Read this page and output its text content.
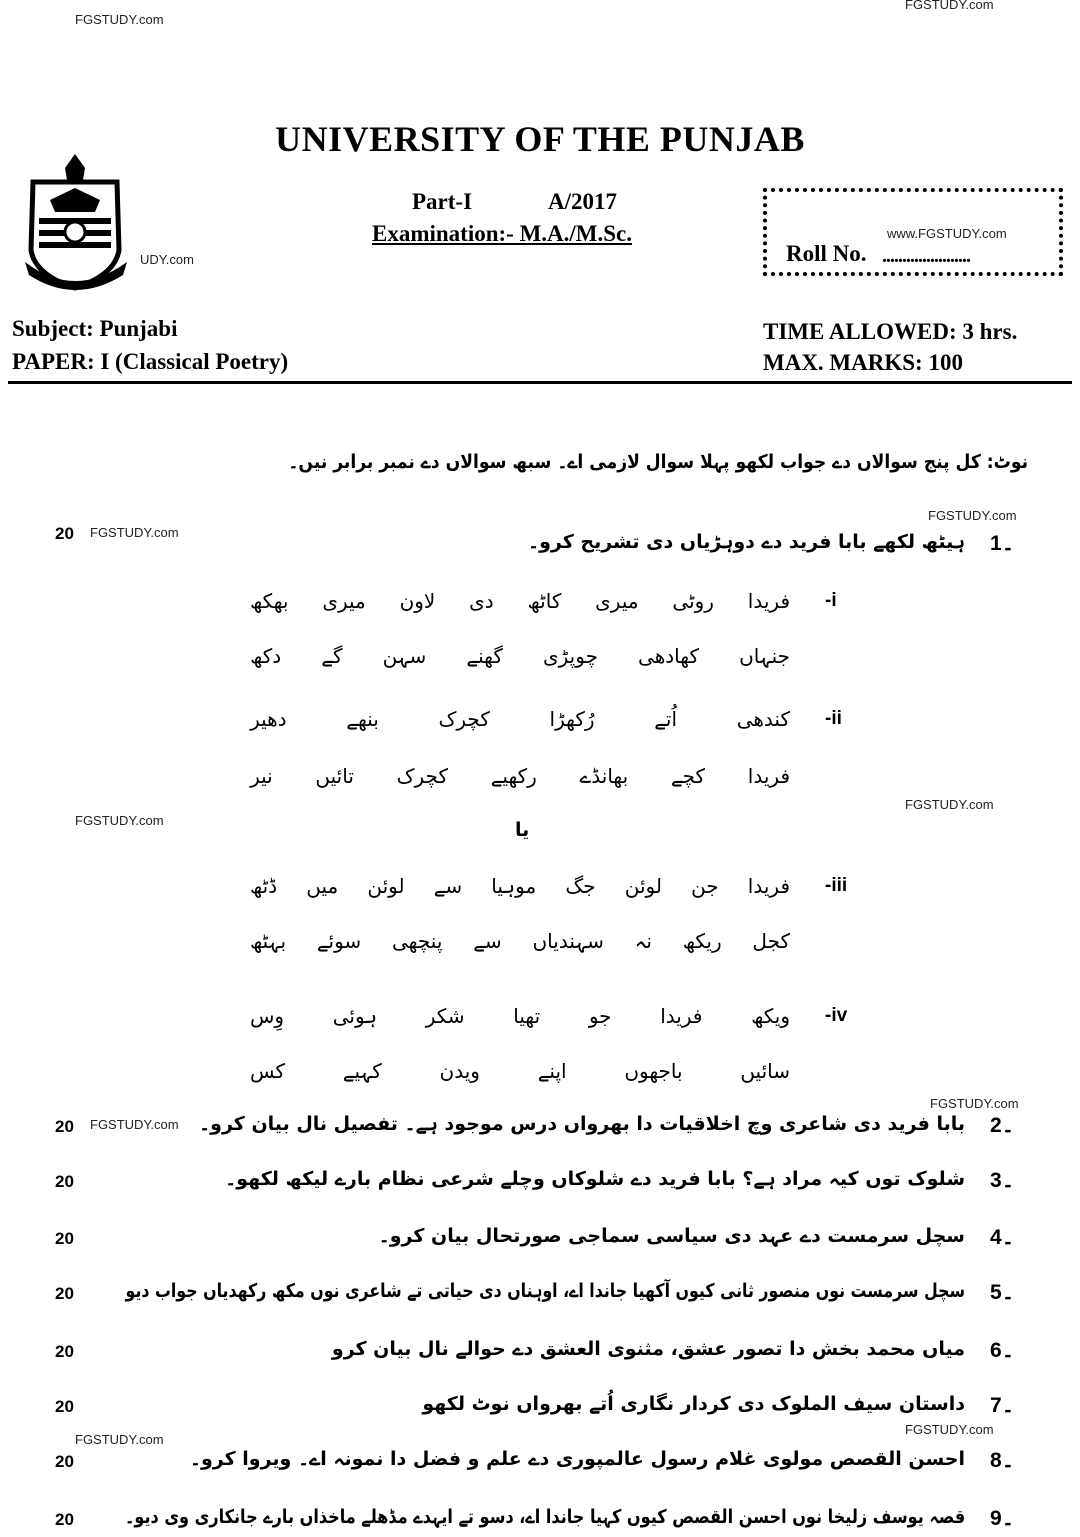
FGSTUDY.com
FGSTUDY.com
UDY.com
FGSTUDY.com
FGSTUDY.com
FGSTUDY.com
FGSTUDY.com
FGSTUDY.com
FGSTUDY.com
FGSTUDY.com
FGSTUDY.com
UNIVERSITY OF THE PUNJAB
Part-I	A/2017
Examination:- M.A./M.Sc.
Roll No. ......................
www.FGSTUDY.com
Subject: Punjabi
PAPER: I (Classical Poetry)
TIME ALLOWED: 3 hrs.
MAX. MARKS: 100
نوٹ: کل پنج سوالاں دے جواب لکھو پہلا سوال لازمی اے۔ سبھ سوالاں دے نمبر برابر نیں۔
یا
1۔
ہیٹھ لکھے بابا فرید دے دوہڑیاں دی تشریح کرو۔
20
2۔
بابا فرید دی شاعری وچ اخلاقیات دا بھرواں درس موجود ہے۔ تفصیل نال بیان کرو۔
20
3۔
شلوک توں کیہ مراد ہے؟ بابا فرید دے شلوکاں وچلے شرعی نظام بارے لیکھ لکھو۔
20
4۔
سچل سرمست دے عہد دی سیاسی سماجی صورتحال بیان کرو۔
20
5۔
سچل سرمست نوں منصور ثانی کیوں آکھیا جاندا اے، اوہناں دی حیاتی تے شاعری نوں مکھ رکھدیاں جواب دیو
20
6۔
میاں محمد بخش دا تصور عشق، مثنوی العشق دے حوالے نال بیان کرو
20
7۔
داستان سیف الملوک دی کردار نگاری اُتے بھرواں نوٹ لکھو
20
8۔
احسن القصص مولوی غلام رسول عالمپوری دے علم و فضل دا نمونہ اے۔ ویروا کرو۔
20
9۔
قصہ یوسف زلیخا نوں احسن القصص کیوں کہیا جاندا اے، دسو تے ایہدے مڈھلے ماخذاں بارے جانکاری وی دیو۔
20
-i
فریدا
روٹی
میری
کاٹھ
دی
لاون
میری
بھکھ
جنہاں
کھادھی
چوپڑی
گھنے
سہن
گے
دکھ
-ii
کندھی
اُتے
رُکھڑا
کچرک
بنھے
دھیر
فریدا
کچے
بھانڈے
رکھیے
کچرک
تائیں
نیر
-iii
فریدا
جن
لوئن
جگ
موہیا
سے
لوئن
میں
ڈٹھ
کجل
ریکھ
نہ
سہندیاں
سے
پنچھی
سوئے
بہٹھ
-iv
ویکھ
فریدا
جو
تھیا
شکر
ہوئی
وِس
سائیں
باجھوں
اپنے
ویدن
کہیے
کس
